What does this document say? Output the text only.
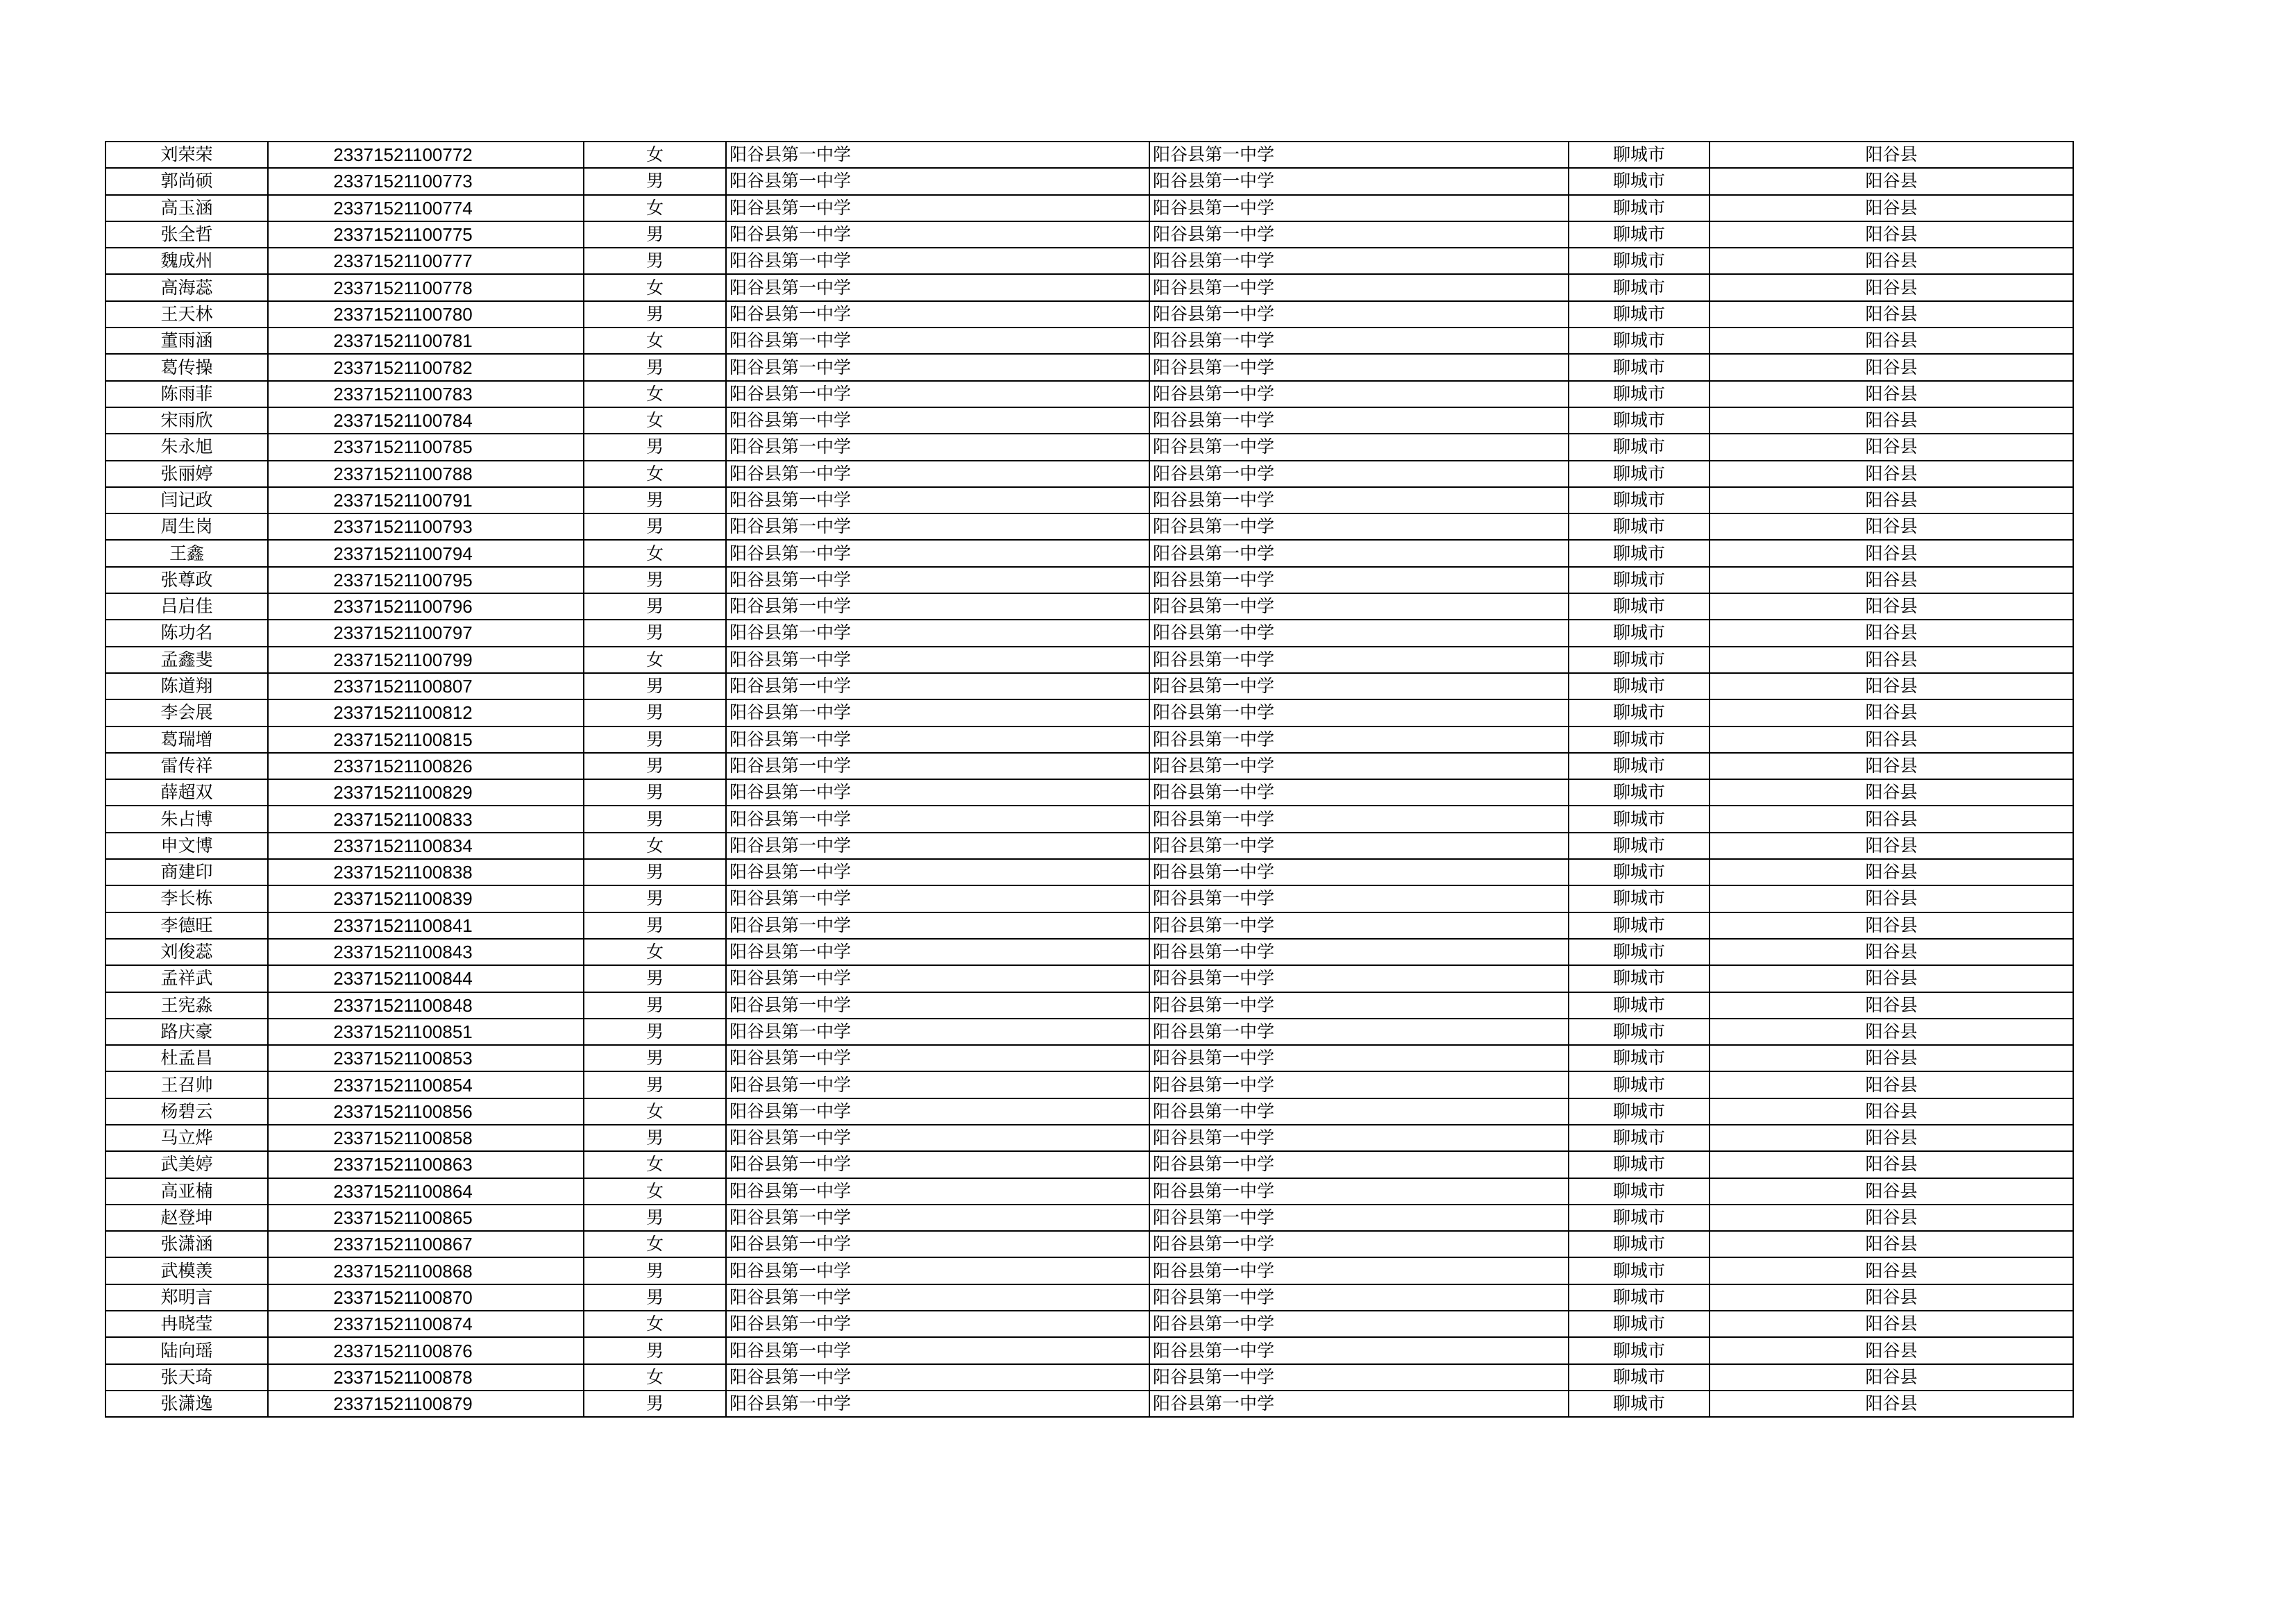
刘荣荣	23371521100772	女	阳谷县第一中学	阳谷县第一中学	聊城市	阳谷县
郭尚硕	23371521100773	男	阳谷县第一中学	阳谷县第一中学	聊城市	阳谷县
高玉涵	23371521100774	女	阳谷县第一中学	阳谷县第一中学	聊城市	阳谷县
张全哲	23371521100775	男	阳谷县第一中学	阳谷县第一中学	聊城市	阳谷县
魏成州	23371521100777	男	阳谷县第一中学	阳谷县第一中学	聊城市	阳谷县
高海蕊	23371521100778	女	阳谷县第一中学	阳谷县第一中学	聊城市	阳谷县
王天林	23371521100780	男	阳谷县第一中学	阳谷县第一中学	聊城市	阳谷县
董雨涵	23371521100781	女	阳谷县第一中学	阳谷县第一中学	聊城市	阳谷县
葛传操	23371521100782	男	阳谷县第一中学	阳谷县第一中学	聊城市	阳谷县
陈雨菲	23371521100783	女	阳谷县第一中学	阳谷县第一中学	聊城市	阳谷县
宋雨欣	23371521100784	女	阳谷县第一中学	阳谷县第一中学	聊城市	阳谷县
朱永旭	23371521100785	男	阳谷县第一中学	阳谷县第一中学	聊城市	阳谷县
张丽婷	23371521100788	女	阳谷县第一中学	阳谷县第一中学	聊城市	阳谷县
闫记政	23371521100791	男	阳谷县第一中学	阳谷县第一中学	聊城市	阳谷县
周生岗	23371521100793	男	阳谷县第一中学	阳谷县第一中学	聊城市	阳谷县
王鑫	23371521100794	女	阳谷县第一中学	阳谷县第一中学	聊城市	阳谷县
张尊政	23371521100795	男	阳谷县第一中学	阳谷县第一中学	聊城市	阳谷县
吕启佳	23371521100796	男	阳谷县第一中学	阳谷县第一中学	聊城市	阳谷县
陈功名	23371521100797	男	阳谷县第一中学	阳谷县第一中学	聊城市	阳谷县
孟鑫斐	23371521100799	女	阳谷县第一中学	阳谷县第一中学	聊城市	阳谷县
陈道翔	23371521100807	男	阳谷县第一中学	阳谷县第一中学	聊城市	阳谷县
李会展	23371521100812	男	阳谷县第一中学	阳谷县第一中学	聊城市	阳谷县
葛瑞增	23371521100815	男	阳谷县第一中学	阳谷县第一中学	聊城市	阳谷县
雷传祥	23371521100826	男	阳谷县第一中学	阳谷县第一中学	聊城市	阳谷县
薛超双	23371521100829	男	阳谷县第一中学	阳谷县第一中学	聊城市	阳谷县
朱占博	23371521100833	男	阳谷县第一中学	阳谷县第一中学	聊城市	阳谷县
申文博	23371521100834	女	阳谷县第一中学	阳谷县第一中学	聊城市	阳谷县
商建印	23371521100838	男	阳谷县第一中学	阳谷县第一中学	聊城市	阳谷县
李长栋	23371521100839	男	阳谷县第一中学	阳谷县第一中学	聊城市	阳谷县
李德旺	23371521100841	男	阳谷县第一中学	阳谷县第一中学	聊城市	阳谷县
刘俊蕊	23371521100843	女	阳谷县第一中学	阳谷县第一中学	聊城市	阳谷县
孟祥武	23371521100844	男	阳谷县第一中学	阳谷县第一中学	聊城市	阳谷县
王宪淼	23371521100848	男	阳谷县第一中学	阳谷县第一中学	聊城市	阳谷县
路庆豪	23371521100851	男	阳谷县第一中学	阳谷县第一中学	聊城市	阳谷县
杜孟昌	23371521100853	男	阳谷县第一中学	阳谷县第一中学	聊城市	阳谷县
王召帅	23371521100854	男	阳谷县第一中学	阳谷县第一中学	聊城市	阳谷县
杨碧云	23371521100856	女	阳谷县第一中学	阳谷县第一中学	聊城市	阳谷县
马立烨	23371521100858	男	阳谷县第一中学	阳谷县第一中学	聊城市	阳谷县
武美婷	23371521100863	女	阳谷县第一中学	阳谷县第一中学	聊城市	阳谷县
高亚楠	23371521100864	女	阳谷县第一中学	阳谷县第一中学	聊城市	阳谷县
赵登坤	23371521100865	男	阳谷县第一中学	阳谷县第一中学	聊城市	阳谷县
张潇涵	23371521100867	女	阳谷县第一中学	阳谷县第一中学	聊城市	阳谷县
武模羡	23371521100868	男	阳谷县第一中学	阳谷县第一中学	聊城市	阳谷县
郑明言	23371521100870	男	阳谷县第一中学	阳谷县第一中学	聊城市	阳谷县
冉晓莹	23371521100874	女	阳谷县第一中学	阳谷县第一中学	聊城市	阳谷县
陆向瑶	23371521100876	男	阳谷县第一中学	阳谷县第一中学	聊城市	阳谷县
张天琦	23371521100878	女	阳谷县第一中学	阳谷县第一中学	聊城市	阳谷县
张潇逸	23371521100879	男	阳谷县第一中学	阳谷县第一中学	聊城市	阳谷县
